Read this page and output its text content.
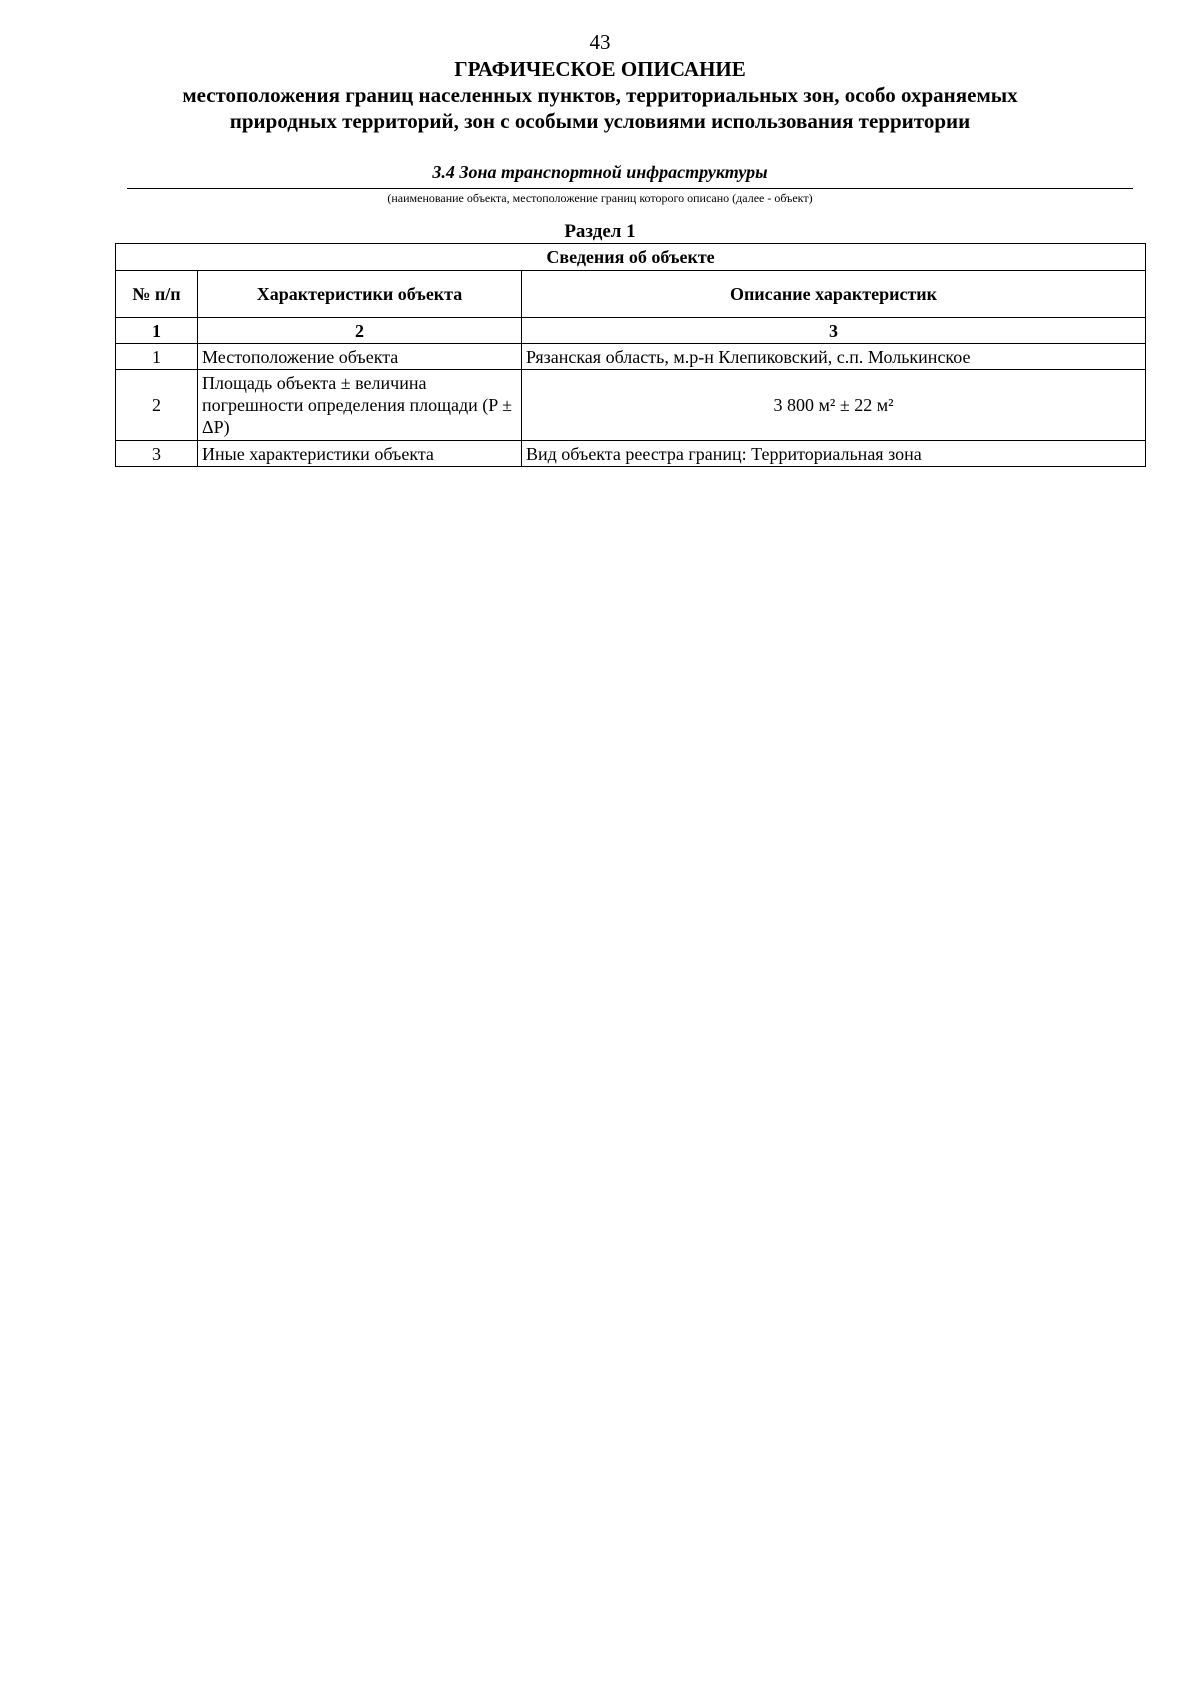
43
ГРАФИЧЕСКОЕ ОПИСАНИЕ
местоположения границ населенных пунктов, территориальных зон, особо охраняемых природных территорий, зон с особыми условиями использования территории
3.4 Зона транспортной инфраструктуры
(наименование объекта, местоположение границ которого описано (далее - объект)
Раздел 1
Сведения об объекте		
№ п/п	Характеристики объекта	Описание характеристик
1	2	3
1	Местоположение объекта	Рязанская область, м.р-н Клепиковский, с.п. Молькинское
2	Площадь объекта ± величина погрешности определения площади (P ± ΔP)	3 800 м² ± 22 м²
3	Иные характеристики объекта	Вид объекта реестра границ: Территориальная зона
